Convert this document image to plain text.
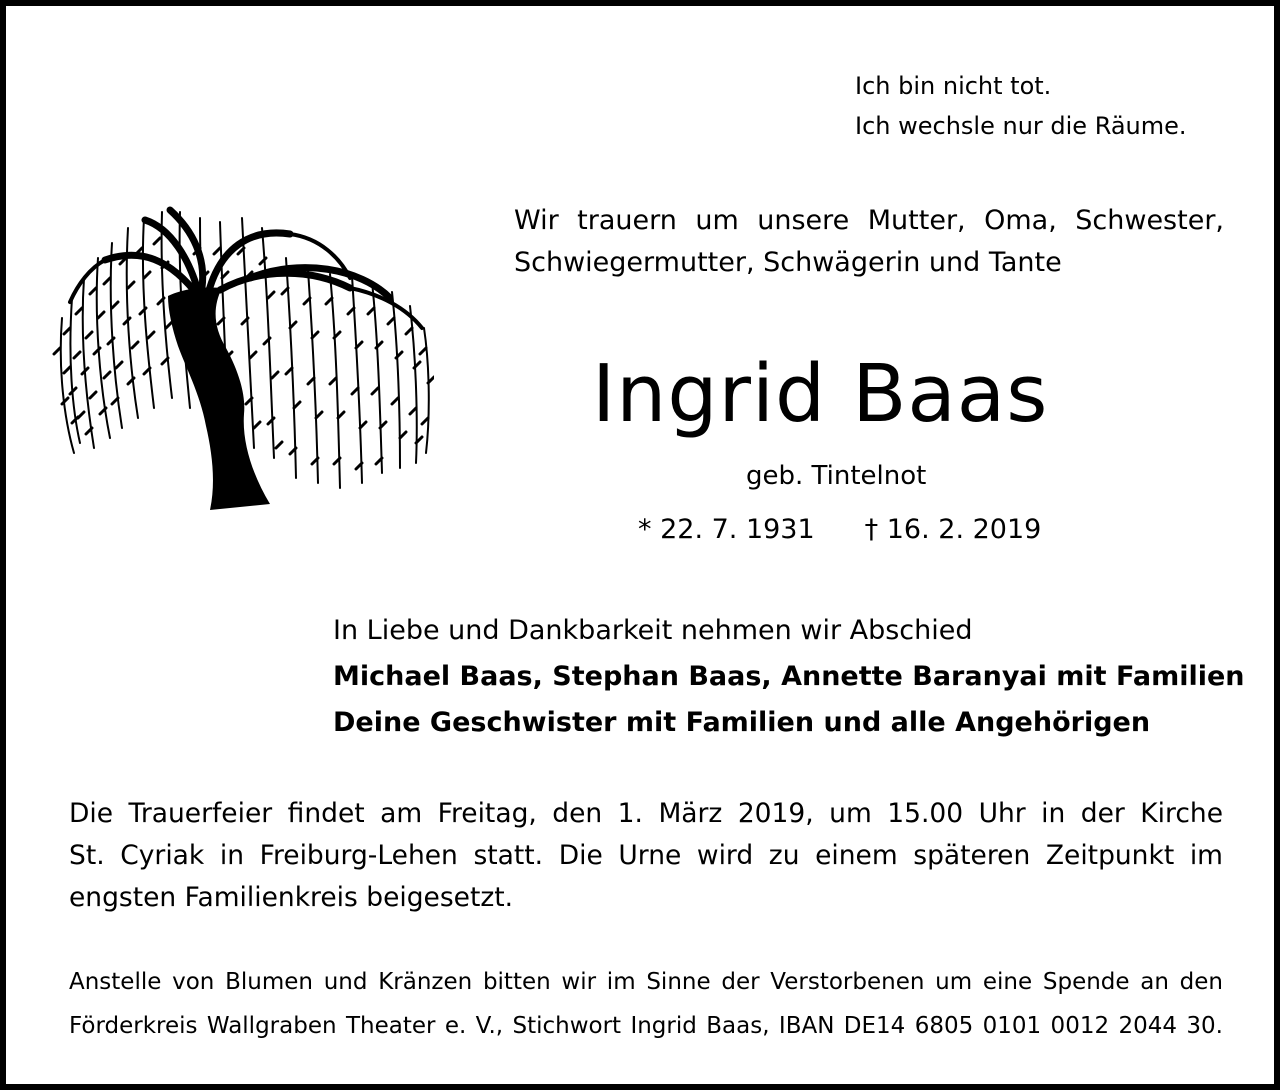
Ich bin nicht tot.
Ich wechsle nur die Räume.
Wir trauern um unsere Mutter, Oma, Schwester,
Schwiegermutter, Schwägerin und Tante
Ingrid Baas
geb. Tintelnot
* 22. 7. 1931 † 16. 2. 2019
In Liebe und Dankbarkeit nehmen wir Abschied
Michael Baas, Stephan Baas, Annette Baranyai mit Familien
Deine Geschwister mit Familien und alle Angehörigen
Die Trauerfeier findet am Freitag, den 1. März 2019, um 15.00 Uhr in der Kirche
St. Cyriak in Freiburg-Lehen statt. Die Urne wird zu einem späteren Zeitpunkt im
engsten Familienkreis beigesetzt.
Anstelle von Blumen und Kränzen bitten wir im Sinne der Verstorbenen um eine Spende an den
Förderkreis Wallgraben Theater e. V., Stichwort Ingrid Baas, IBAN DE14 6805 0101 0012 2044 30.
